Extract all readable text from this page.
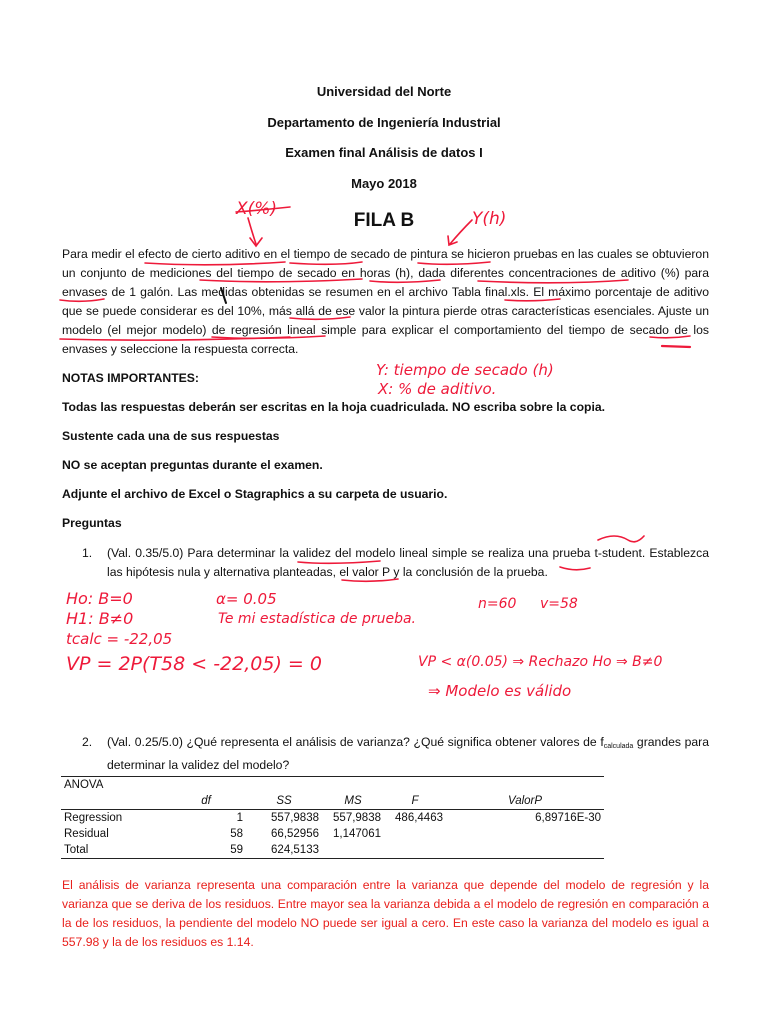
Universidad del Norte
Departamento de Ingeniería Industrial
Examen final Análisis de datos I
Mayo 2018
FILA B
Para medir el efecto de cierto aditivo en el tiempo de secado de pintura se hicieron pruebas en las cuales se obtuvieron un conjunto de mediciones del tiempo de secado en horas (h), dada diferentes concentraciones de aditivo (%) para envases de 1 galón. Las medidas obtenidas se resumen en el archivo Tabla final.xls. El máximo porcentaje de aditivo que se puede considerar es del 10%, más allá de ese valor la pintura pierde otras características esenciales. Ajuste un modelo (el mejor modelo) de regresión lineal simple para explicar el comportamiento del tiempo de secado de los envases y seleccione la respuesta correcta.
NOTAS IMPORTANTES:
Todas las respuestas deberán ser escritas en la hoja cuadriculada. NO escriba sobre la copia.
Sustente cada una de sus respuestas
NO se aceptan preguntas durante el examen.
Adjunte el archivo de Excel o Stagraphics a su carpeta de usuario.
Preguntas
1. (Val. 0.35/5.0) Para determinar la validez del modelo lineal simple se realiza una prueba t-student. Establezca las hipótesis nula y alternativa planteadas, el valor P y la conclusión de la prueba.
2. (Val. 0.25/5.0) ¿Qué representa el análisis de varianza? ¿Qué significa obtener valores de $f_{calculada}$ grandes para determinar la validez del modelo?
ANOVA					
	df	SS	MS	F	ValorP
Regression	1	557,9838	557,9838	486,4463	6,89716E-30
Residual	58	66,52956	1,147061		
Total	59	624,5133			
El análisis de varianza representa una comparación entre la varianza que depende del modelo de regresión y la varianza que se deriva de los residuos. Entre mayor sea la varianza debida a el modelo de regresión en comparación a la de los residuos, la pendiente del modelo NO puede ser igual a cero. En este caso la varianza del modelo es igual a 557.98 y la de los residuos es 1.14.
X(%)	Y(h)
Y: tiempo de secado (h)
X: % de aditivo.
Ho: B=0	α= 0.05
H1: B≠0	Te mi estadística de prueba.
n=60 v=58
tcalc = -22,05
VP = 2P(T58 < -22,05) = 0	VP < α(0.05) ⇒ Rechazo Ho ⇒ B≠0
⇒ Modelo es válido
